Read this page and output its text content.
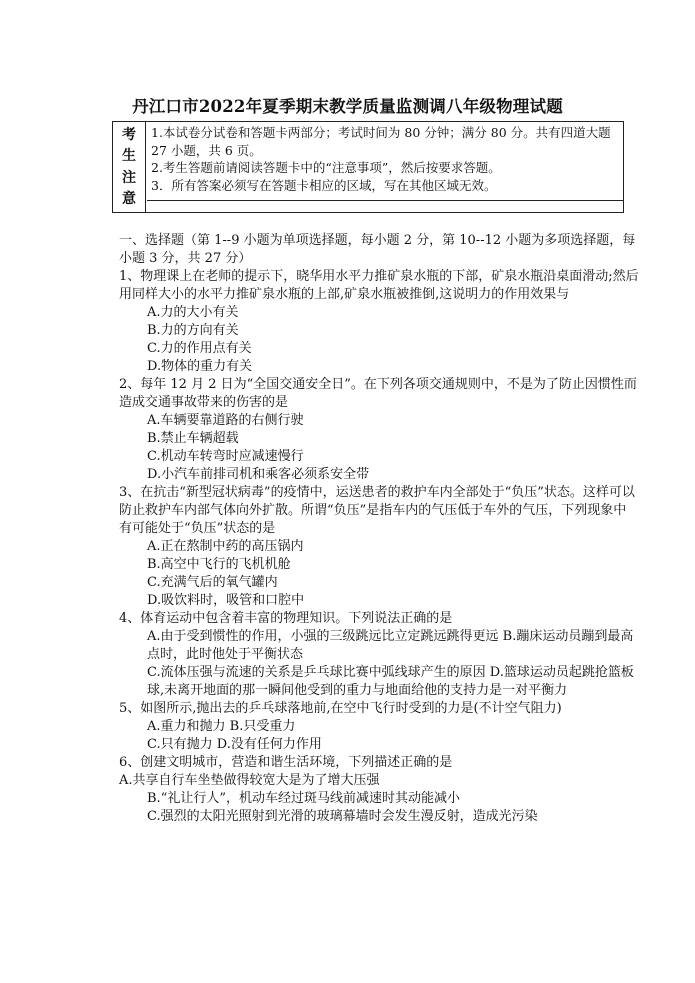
丹江口市2022年夏季期末教学质量监测调八年级物理试题
考
生
注
意

1.本试卷分试卷和答题卡两部分；考试时间为 80 分钟；满分 80 分。共有四道大题 27 小题，共 6 页。

2.考生答题前请阅读答题卡中的“注意事项”，然后按要求答题。

3．所有答案必须写在答题卡相应的区域，写在其他区域无效。

一、选择题（第 1--9 小题为单项选择题，每小题 2 分，第 10--12 小题为多项选择题，每小题 3 分，共 27 分）

1、物理课上在老师的提示下，晓华用水平力推矿泉水瓶的下部，矿泉水瓶沿桌面滑动;然后用同样大小的水平力推矿泉水瓶的上部,矿泉水瓶被推倒,这说明力的作用效果与

A.力的大小有关

B.力的方向有关

C.力的作用点有关

D.物体的重力有关

2、每年 12 月 2 日为“全国交通安全日”。在下列各项交通规则中，不是为了防止因惯性而造成交通事故带来的伤害的是

A.车辆要靠道路的右侧行驶

B.禁止车辆超载

C.机动车转弯时应减速慢行

D.小汽车前排司机和乘客必须系安全带

3、在抗击“新型冠状病毒”的疫情中，运送患者的救护车内全部处于“负压”状态。这样可以防止救护车内部气体向外扩散。所谓“负压”是指车内的气压低于车外的气压，下列现象中有可能处于“负压”状态的是

A.正在熬制中药的高压锅内

B.高空中飞行的飞机机舱

C.充满气后的氧气罐内

D.吸饮料时，吸管和口腔中

4、体育运动中包含着丰富的物理知识。下列说法正确的是

A.由于受到惯性的作用，小强的三级跳远比立定跳远跳得更远 B.蹦床运动员蹦到最高点时，此时他处于平衡状态

C.流体压强与流速的关系是乒乓球比赛中弧线球产生的原因 D.篮球运动员起跳抢篮板球,未离开地面的那一瞬间他受到的重力与地面给他的支持力是一对平衡力

5、如图所示,抛出去的乒乓球落地前,在空中飞行时受到的力是(不计空气阻力)

A.重力和抛力 B.只受重力

C.只有抛力 D.没有任何力作用

6、创建文明城市，营造和谐生活环境，下列描述正确的是

A.共享自行车坐垫做得较宽大是为了增大压强

B.“礼让行人”，机动车经过斑马线前减速时其动能减小

C.强烈的太阳光照射到光滑的玻璃幕墙时会发生漫反射，造成光污染
